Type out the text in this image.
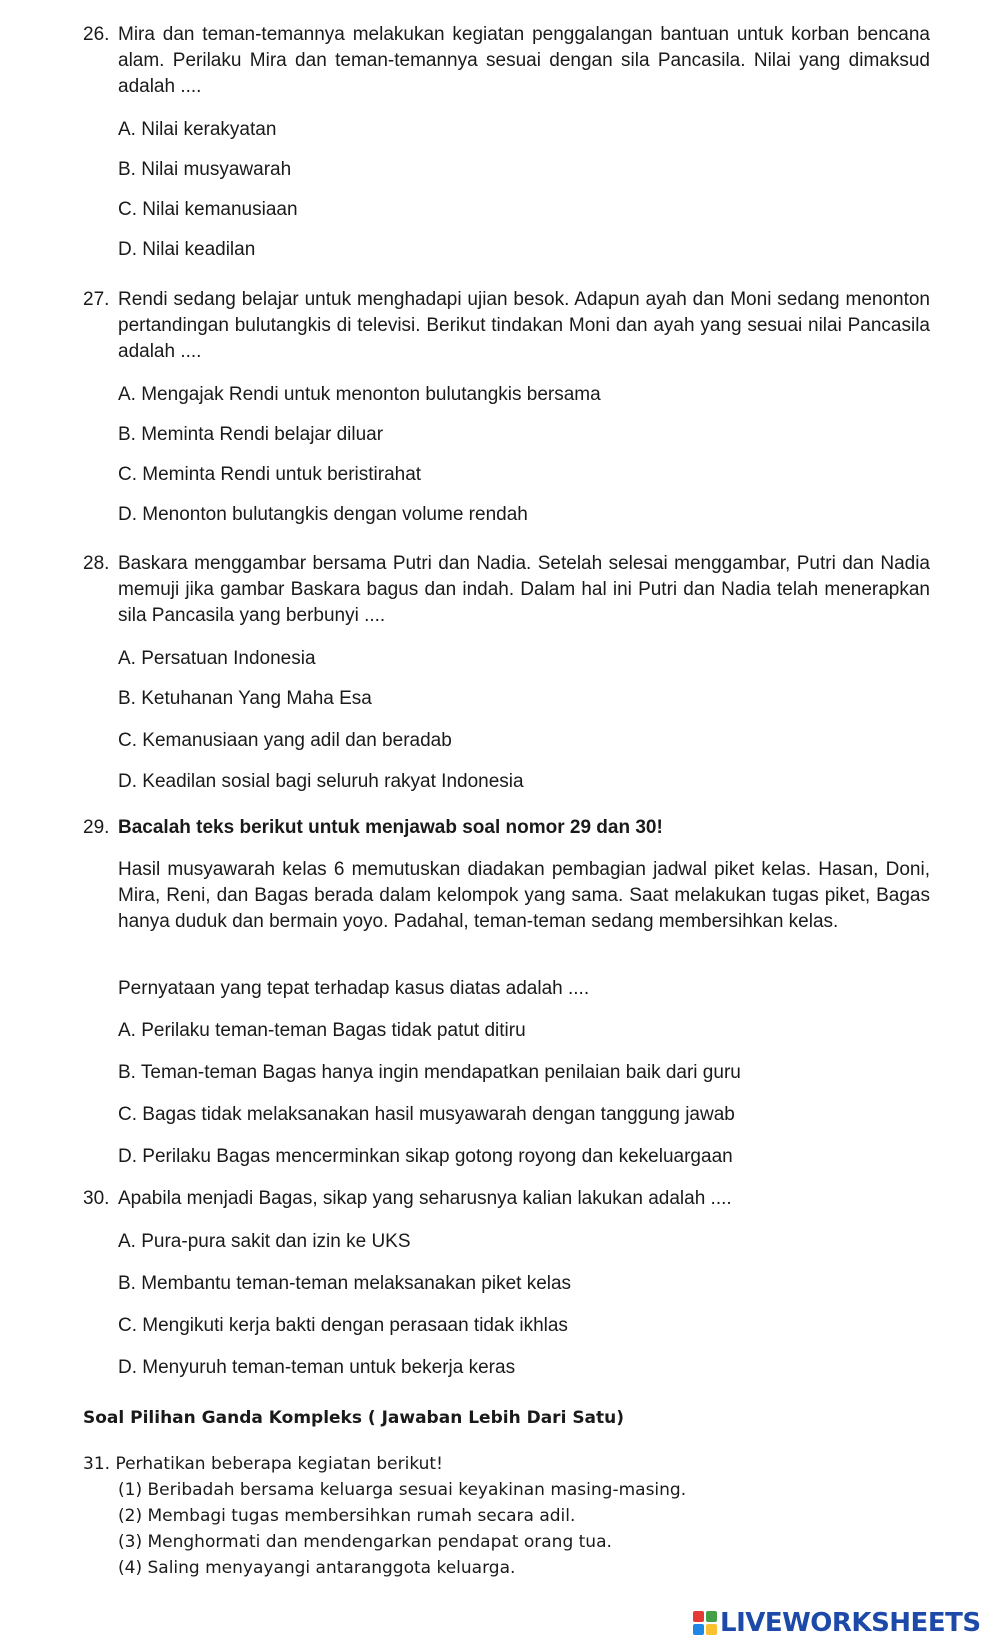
26. Mira dan teman-temannya melakukan kegiatan penggalangan bantuan untuk korban bencana alam. Perilaku Mira dan teman-temannya sesuai dengan sila Pancasila. Nilai yang dimaksud adalah ....
A. Nilai kerakyatan
B. Nilai musyawarah
C. Nilai kemanusiaan
D. Nilai keadilan
27. Rendi sedang belajar untuk menghadapi ujian besok. Adapun ayah dan Moni sedang menonton pertandingan bulutangkis di televisi. Berikut tindakan Moni dan ayah yang sesuai nilai Pancasila adalah ....
A. Mengajak Rendi untuk menonton bulutangkis bersama
B. Meminta Rendi belajar diluar
C. Meminta Rendi untuk beristirahat
D. Menonton bulutangkis dengan volume rendah
28. Baskara menggambar bersama Putri dan Nadia. Setelah selesai menggambar, Putri dan Nadia memuji jika gambar Baskara bagus dan indah. Dalam hal ini Putri dan Nadia telah menerapkan sila Pancasila yang berbunyi ....
A. Persatuan Indonesia
B. Ketuhanan Yang Maha Esa
C. Kemanusiaan yang adil dan beradab
D. Keadilan sosial bagi seluruh rakyat Indonesia
29. Bacalah teks berikut untuk menjawab soal nomor 29 dan 30!
Hasil musyawarah kelas 6 memutuskan diadakan pembagian jadwal piket kelas. Hasan, Doni, Mira, Reni, dan Bagas berada dalam kelompok yang sama. Saat melakukan tugas piket, Bagas hanya duduk dan bermain yoyo. Padahal, teman-teman sedang membersihkan kelas.
Pernyataan yang tepat terhadap kasus diatas adalah ....
A. Perilaku teman-teman Bagas tidak patut ditiru
B. Teman-teman Bagas hanya ingin mendapatkan penilaian baik dari guru
C. Bagas tidak melaksanakan hasil musyawarah dengan tanggung jawab
D. Perilaku Bagas mencerminkan sikap gotong royong dan kekeluargaan
30. Apabila menjadi Bagas, sikap yang seharusnya kalian lakukan adalah ....
A. Pura-pura sakit dan izin ke UKS
B. Membantu teman-teman melaksanakan piket kelas
C. Mengikuti kerja bakti dengan perasaan tidak ikhlas
D. Menyuruh teman-teman untuk bekerja keras
Soal Pilihan Ganda Kompleks ( Jawaban Lebih Dari Satu)
31. Perhatikan beberapa kegiatan berikut!
(1) Beribadah bersama keluarga sesuai keyakinan masing-masing.
(2) Membagi tugas membersihkan rumah secara adil.
(3) Menghormati dan mendengarkan pendapat orang tua.
(4) Saling menyayangi antaranggota keluarga.
LIVEWORKSHEETS
